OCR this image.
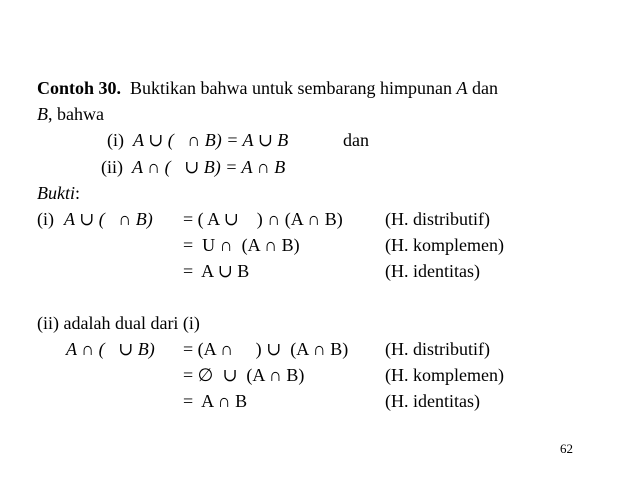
Contoh 30. Buktikan bahwa untuk sembarang himpunan A dan
B, bahwa
(i) A ∪ (   ∩ B) = A ∪ B	dan
(ii) A ∩ (   ∪ B) = A ∩ B
Bukti:
(i) A ∪ (   ∩ B) = ( A ∪    ) ∩ (A ∩ B) (H. distributif)
=  U ∩  (A ∩ B)	(H. komplemen)
=  A ∪ B	(H. identitas)
(ii) adalah dual dari (i)
A ∩ (   ∪ B) = (A ∩     ) ∪  (A ∩ B) (H. distributif)
= ∅  ∪  (A ∩ B)	(H. komplemen)
=  A ∩ B	(H. identitas)
62
